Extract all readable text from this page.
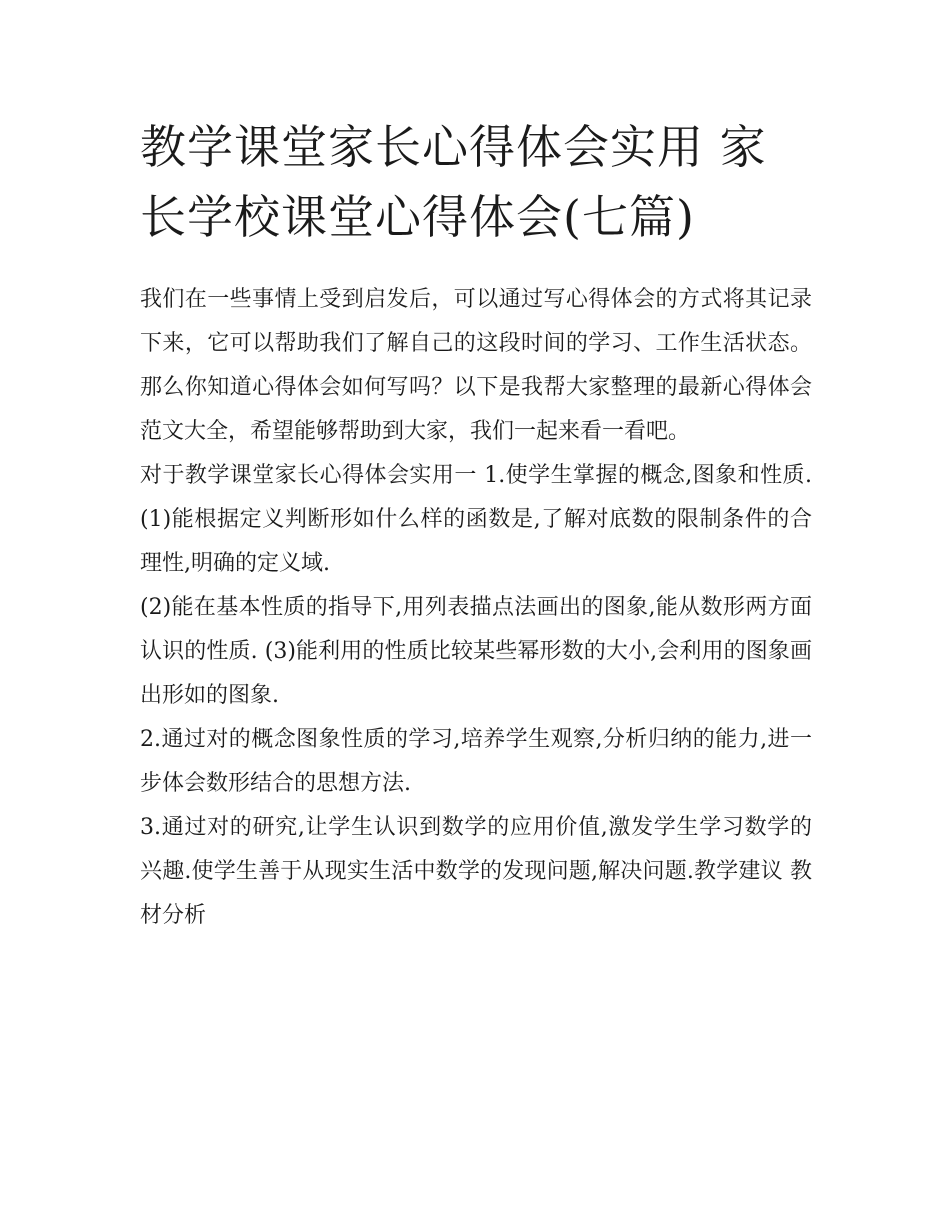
教学课堂家长心得体会实用 家长学校课堂心得体会(七篇)

我们在一些事情上受到启发后，可以通过写心得体会的方式将其记录下来，它可以帮助我们了解自己的这段时间的学习、工作生活状态。那么你知道心得体会如何写吗？以下是我帮大家整理的最新心得体会范文大全，希望能够帮助到大家，我们一起来看一看吧。

对于教学课堂家长心得体会实用一 1.使学生掌握的概念,图象和性质. (1)能根据定义判断形如什么样的函数是,了解对底数的限制条件的合理性,明确的定义域.

(2)能在基本性质的指导下,用列表描点法画出的图象,能从数形两方面认识的性质. (3)能利用的性质比较某些幂形数的大小,会利用的图象画出形如的图象.

2.通过对的概念图象性质的学习,培养学生观察,分析归纳的能力,进一步体会数形结合的思想方法.

3.通过对的研究,让学生认识到数学的应用价值,激发学生学习数学的兴趣.使学生善于从现实生活中数学的发现问题,解决问题.教学建议 教材分析
